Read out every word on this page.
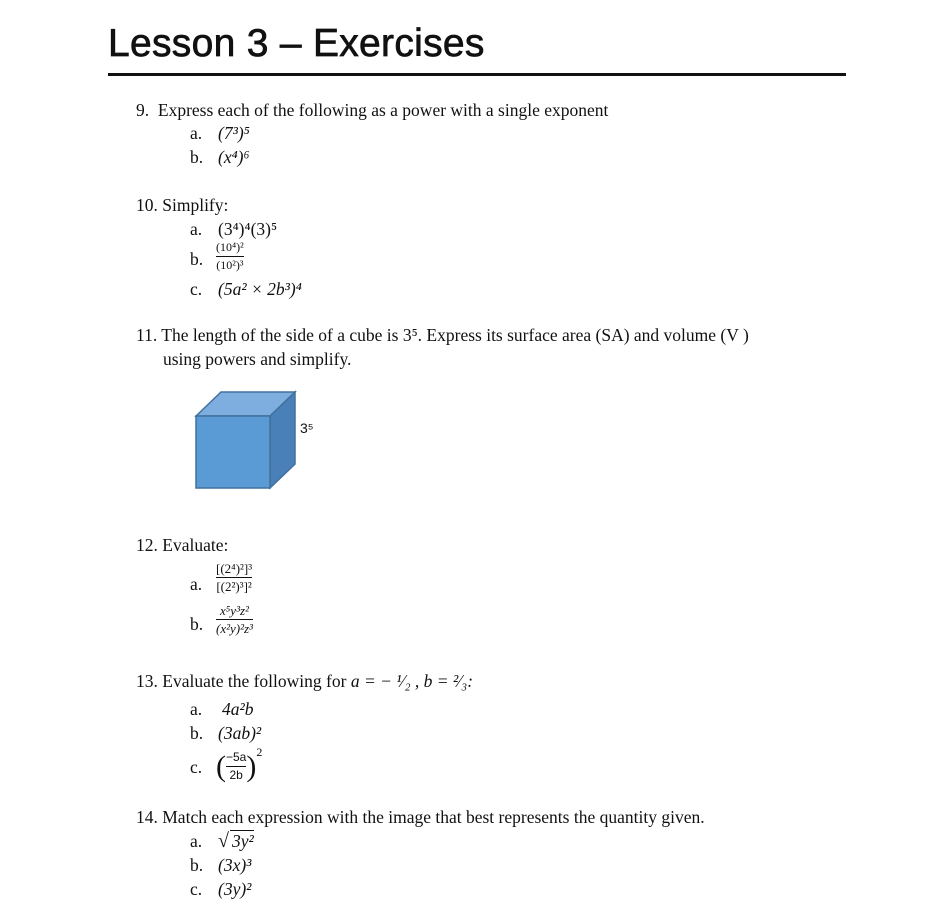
Lesson 3 – Exercises
9. Express each of the following as a power with a single exponent
a. (7³)⁵
b. (x⁴)⁶
10. Simplify:
a. (3⁴)⁴(3)⁵
b.
(10⁴)²
(10²)³
c. (5a² × 2b³)⁴
11. The length of the side of a cube is 3⁵. Express its surface area (SA) and volume (V )
using powers and simplify.
3⁵
12. Evaluate:
a.
[(2⁴)²]³
[(2²)³]²
b.
x⁵y³z²
(x²y)²z³
13. Evaluate the following for a = − ¹⁄₂ , b = ²⁄₃:
a. 4a²b
b. (3ab)²
c. ( −5a
2b ) 2
14. Match each expression with the image that best represents the quantity given.
a. √ 3y²
b. (3x)³
c. (3y)²
